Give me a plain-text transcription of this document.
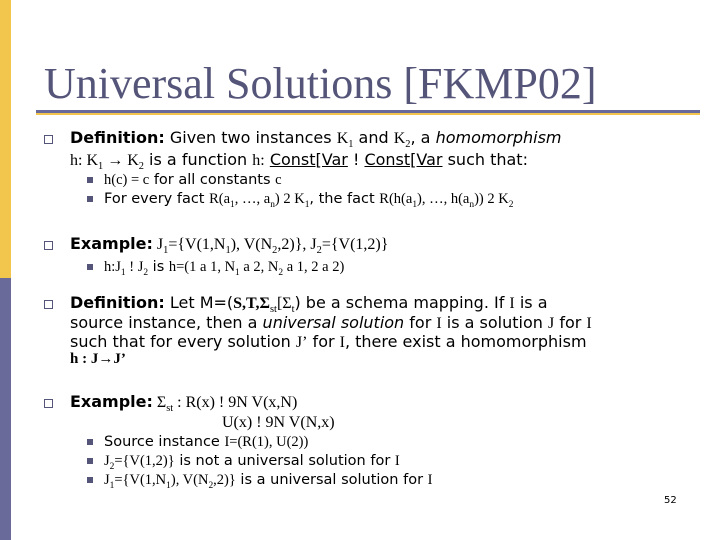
Universal Solutions [FKMP02]
Definition: Given two instances $K_1$ and $K_2$, a homomorphism
h: $K_1 \to K_2$ is a function h: Const[Var ! Const[Var such that:
h(c) = c for all constants c
For every fact $R(a_1$, …, $a_n$) 2 $K_1$, the fact $R(h(a_1)$, …, $h(a_n)$) 2 $K_2$
Example: $J_1=\{V(1,N_1)$, $V(N_2,2)$}, $J_2=\{V(1,2)\}$
$h:J_1$ ! $J_2$ is h=(1 a 1, $N_1$ a 2, $N_2$ a 1, 2 a 2)
Definition: Let $M=(S,T,\Sigma_{st}[\Sigma_t)$ be a schema mapping. If I is a
source instance, then a universal solution for I is a solution J for I
such that for every solution J’ for I, there exist a homomorphism
h : J→J’
Example: $\Sigma_{st}$ : R(x) ! 9N V(x,N)
U(x) ! 9N V(N,x)
Source instance I=(R(1), U(2))
$J_2=\{V(1,2)\}$ is not a universal solution for I
$J_1=\{V(1,N_1)$, $V(N_2,2)$} is a universal solution for I
52
